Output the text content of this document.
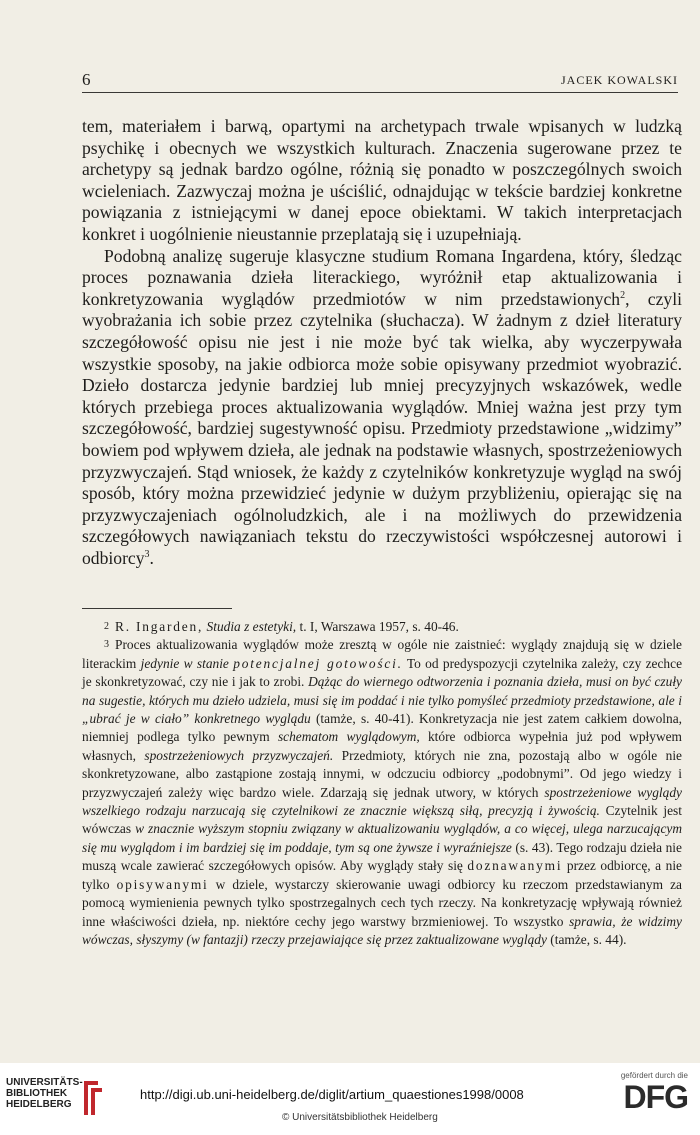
6	JACEK KOWALSKI

tem, materiałem i barwą, opartymi na archetypach trwale wpisanych w ludzką psychikę i obecnych we wszystkich kulturach. Znaczenia sugerowane przez te archetypy są jednak bardzo ogólne, różnią się ponadto w poszczególnych swoich wcieleniach. Zazwyczaj można je uściślić, odnajdując w tekście bardziej konkretne powiązania z istniejącymi w danej epoce obiektami. W takich interpretacjach konkret i uogólnienie nieustannie przeplatają się i uzupełniają.

Podobną analizę sugeruje klasyczne studium Romana Ingardena, który, śledząc proces poznawania dzieła literackiego, wyróżnił etap aktualizowania i konkretyzowania wyglądów przedmiotów w nim przedstawionych$^2$, czyli wyobrażania ich sobie przez czytelnika (słuchacza). W żadnym z dzieł literatury szczegółowość opisu nie jest i nie może być tak wielka, aby wyczerpywała wszystkie sposoby, na jakie odbiorca może sobie opisywany przedmiot wyobrazić. Dzieło dostarcza jedynie bardziej lub mniej precyzyjnych wskazówek, wedle których przebiega proces aktualizowania wyglądów. Mniej ważna jest przy tym szczegółowość, bardziej sugestywność opisu. Przedmioty przedstawione „widzimy” bowiem pod wpływem dzieła, ale jednak na podstawie własnych, spostrzeżeniowych przyzwyczajeń. Stąd wniosek, że każdy z czytelników konkretyzuje wygląd na swój sposób, który można przewidzieć jedynie w dużym przybliżeniu, opierając się na przyzwyczajeniach ogólnoludzkich, ale i na możliwych do przewidzenia szczegółowych nawiązaniach tekstu do rzeczywistości współczesnej autorowi i odbiorcy$^3$.

$^2$ R. Ingarden, Studia z estetyki, t. I, Warszawa 1957, s. 40-46.

$^3$ Proces aktualizowania wyglądów może zresztą w ogóle nie zaistnieć: wyglądy znajdują się w dziele literackim jedynie w stanie potencjalnej gotowości. To od predyspozycji czytelnika zależy, czy zechce je skonkretyzować, czy nie i jak to zrobi. Dążąc do wiernego odtworzenia i poznania dzieła, musi on być czuły na sugestie, których mu dzieło udziela, musi się im poddać i nie tylko pomyśleć przedmioty przedstawione, ale i „ubrać je w ciało” konkretnego wyglądu (tamże, s. 40-41). Konkretyzacja nie jest zatem całkiem dowolna, niemniej podlega tylko pewnym schematom wyglądowym, które odbiorca wypełnia już pod wpływem własnych, spostrzeżeniowych przyzwyczajeń. Przedmioty, których nie zna, pozostają albo w ogóle nie skonkretyzowane, albo zastąpione zostają innymi, w odczuciu odbiorcy „podobnymi”. Od jego wiedzy i przyzwyczajeń zależy więc bardzo wiele. Zdarzają się jednak utwory, w których spostrzeżeniowe wyglądy wszelkiego rodzaju narzucają się czytelnikowi ze znacznie większą siłą, precyzją i żywością. Czytelnik jest wówczas w znacznie wyższym stopniu związany w aktualizowaniu wyglądów, a co więcej, ulega narzucającym się mu wyglądom i im bardziej się im poddaje, tym są one żywsze i wyraźniejsze (s. 43). Tego rodzaju dzieła nie muszą wcale zawierać szczegółowych opisów. Aby wyglądy stały się doznawanymi przez odbiorcę, a nie tylko opisywanymi w dziele, wystarczy skierowanie uwagi odbiorcy ku rzeczom przedstawianym za pomocą wymienienia pewnych tylko spostrzegalnych cech tych rzeczy. Na konkretyzację wpływają również inne właściwości dzieła, np. niektóre cechy jego warstwy brzmieniowej. To wszystko sprawia, że widzimy wówczas, słyszymy (w fantazji) rzeczy przejawiające się przez zaktualizowane wyglądy (tamże, s. 44).

UNIVERSITÄTS-
BIBLIOTHEK
HEIDELBERG
http://digi.ub.uni-heidelberg.de/diglit/artium_quaestiones1998/0008
© Universitätsbibliothek Heidelberg
gefördert durch die
DFG
